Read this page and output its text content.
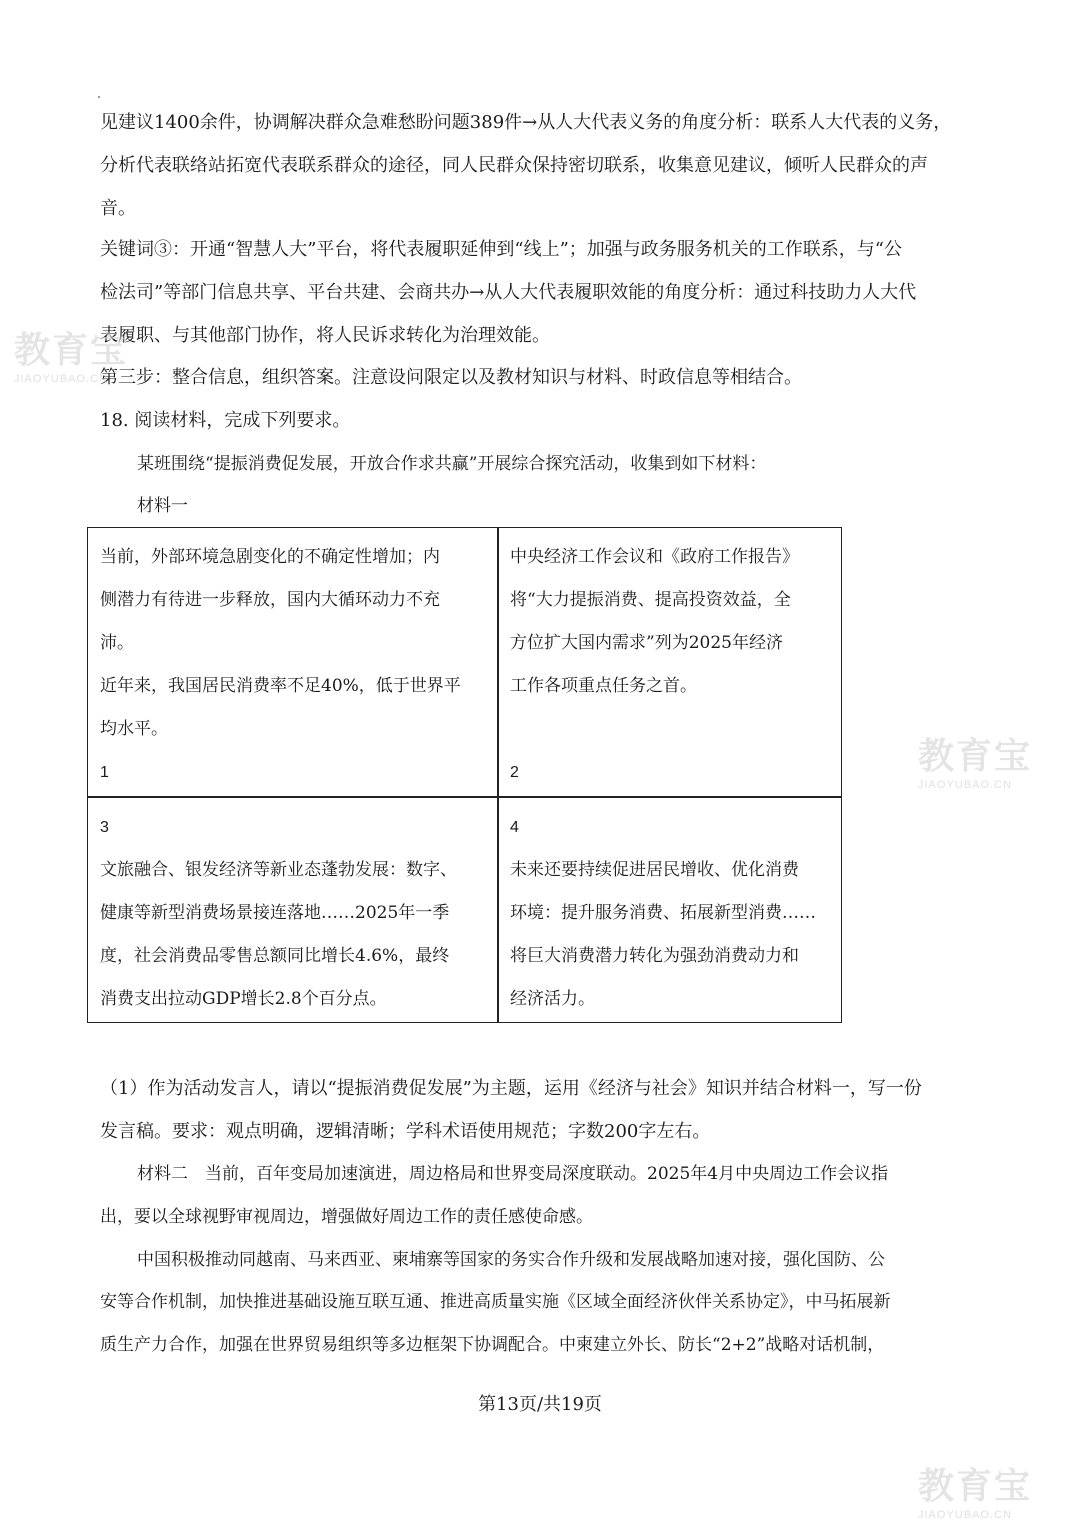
见建议1400余件，协调解决群众急难愁盼问题389件→从人大代表义务的角度分析：联系人大代表的义务，
分析代表联络站拓宽代表联系群众的途径，同人民群众保持密切联系，收集意见建议，倾听人民群众的声
音。
关键词③：开通“智慧人大”平台，将代表履职延伸到“线上”；加强与政务服务机关的工作联系，与“公
检法司”等部门信息共享、平台共建、会商共办→从人大代表履职效能的角度分析：通过科技助力人大代
表履职、与其他部门协作，将人民诉求转化为治理效能。
第三步：整合信息，组织答案。注意设问限定以及教材知识与材料、时政信息等相结合。
18. 阅读材料，完成下列要求。
某班围绕“提振消费促发展，开放合作求共赢”开展综合探究活动，收集到如下材料：
材料一
当前，外部环境急剧变化的不确定性增加；内
侧潜力有待进一步释放，国内大循环动力不充
沛。
近年来，我国居民消费率不足40%，低于世界平
均水平。
1
中央经济工作会议和《政府工作报告》
将“大力提振消费、提高投资效益，全
方位扩大国内需求”列为2025年经济
工作各项重点任务之首。
2
3
文旅融合、银发经济等新业态蓬勃发展：数字、
健康等新型消费场景接连落地……2025年一季
度，社会消费品零售总额同比增长4.6%，最终
消费支出拉动GDP增长2.8个百分点。
4
未来还要持续促进居民增收、优化消费
环境：提升服务消费、拓展新型消费……
将巨大消费潜力转化为强劲消费动力和
经济活力。
（1）作为活动发言人，请以“提振消费促发展”为主题，运用《经济与社会》知识并结合材料一，写一份
发言稿。要求：观点明确，逻辑清晰；学科术语使用规范；字数200字左右。
材料二　当前，百年变局加速演进，周边格局和世界变局深度联动。2025年4月中央周边工作会议指
出，要以全球视野审视周边，增强做好周边工作的责任感使命感。
中国积极推动同越南、马来西亚、柬埔寨等国家的务实合作升级和发展战略加速对接，强化国防、公
安等合作机制，加快推进基础设施互联互通、推进高质量实施《区域全面经济伙伴关系协定》，中马拓展新
质生产力合作，加强在世界贸易组织等多边框架下协调配合。中柬建立外长、防长“2+2”战略对话机制，
第13页/共19页
教育宝
JIAOYUBAO.CN
教育宝
JIAOYUBAO.CN
教育宝
JIAOYUBAO.CN
